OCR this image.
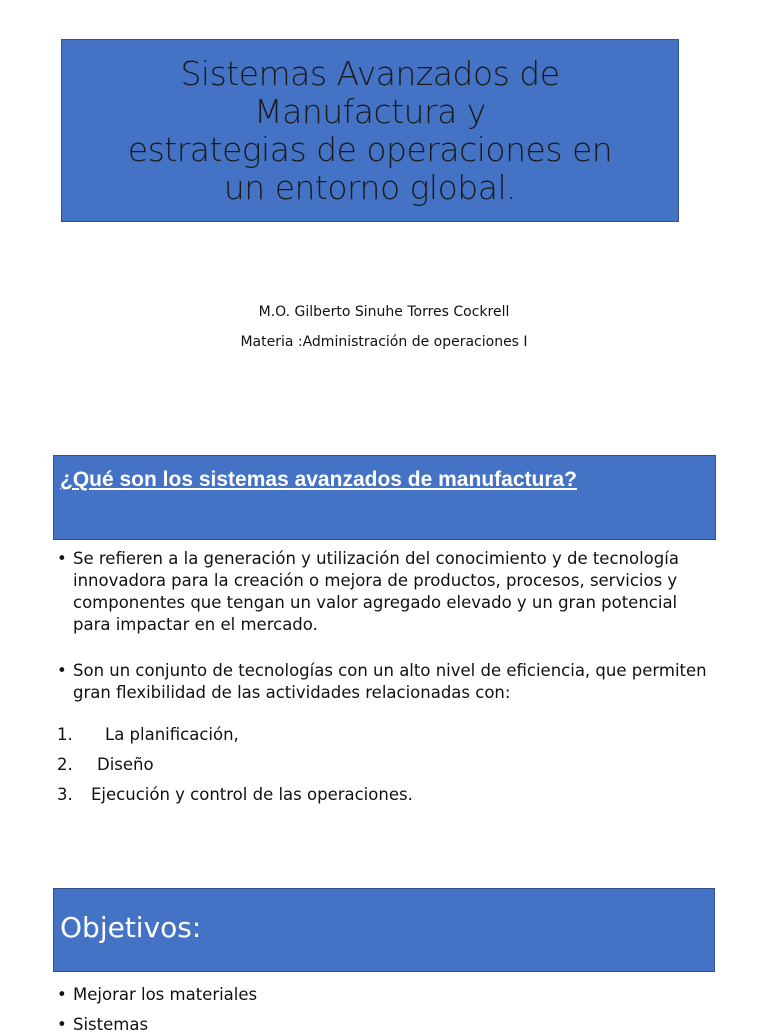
Sistemas Avanzados de
Manufactura y
estrategias de operaciones en
un entorno global.
M.O. Gilberto Sinuhe Torres Cockrell
Materia :Administración de operaciones I
¿Qué son los sistemas avanzados de manufactura?

• Se refieren a la generación y utilización del conocimiento y de tecnología innovadora para la creación o mejora de productos, procesos, servicios y componentes que tengan un valor agregado elevado y un gran potencial para impactar en el mercado.

• Son un conjunto de tecnologías con un alto nivel de eficiencia, que permiten gran flexibilidad de las actividades relacionadas con:

1. La planificación,
2. Diseño
3. Ejecución y control de las operaciones.
Objetivos:

• Mejorar los materiales

• Sistemas
